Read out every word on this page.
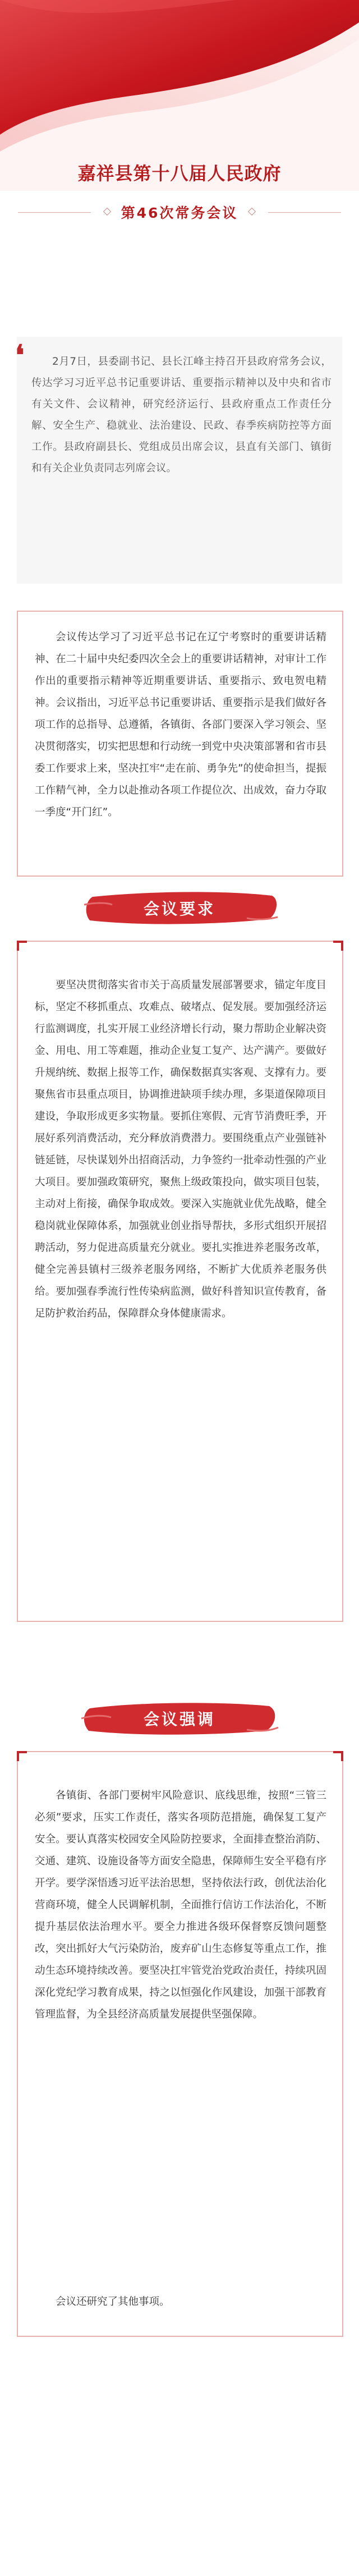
嘉祥县第十八届人民政府
第46次常务会议
2月7日，县委副书记、县长江峰主持召开县政府常务会议，传达学习习近平总书记重要讲话、重要指示精神以及中央和省市有关文件、会议精神，研究经济运行、县政府重点工作责任分解、安全生产、稳就业、法治建设、民政、春季疾病防控等方面工作。县政府副县长、党组成员出席会议，县直有关部门、镇街和有关企业负责同志列席会议。
❛

会议传达学习了习近平总书记在辽宁考察时的重要讲话精神、在二十届中央纪委四次全会上的重要讲话精神，对审计工作作出的重要指示精神等近期重要讲话、重要指示、致电贺电精神。会议指出，习近平总书记重要讲话、重要指示是我们做好各项工作的总指导、总遵循，各镇街、各部门要深入学习领会、坚决贯彻落实，切实把思想和行动统一到党中央决策部署和省市县委工作要求上来，坚决扛牢“走在前、勇争先”的使命担当，提振工作精气神，全力以赴推动各项工作提位次、出成效，奋力夺取一季度“开门红”。

会议要求

要坚决贯彻落实省市关于高质量发展部署要求，锚定年度目标，坚定不移抓重点、攻难点、破堵点、促发展。要加强经济运行监测调度，扎实开展工业经济增长行动，聚力帮助企业解决资金、用电、用工等难题，推动企业复工复产、达产满产。要做好升规纳统、数据上报等工作，确保数据真实客观、支撑有力。要聚焦省市县重点项目，协调推进缺项手续办理，多渠道保障项目建设，争取形成更多实物量。要抓住寒假、元宵节消费旺季，开展好系列消费活动，充分释放消费潜力。要围绕重点产业强链补链延链，尽快谋划外出招商活动，力争签约一批牵动性强的产业大项目。要加强政策研究，聚焦上级政策投向，做实项目包装，主动对上衔接，确保争取成效。要深入实施就业优先战略，健全稳岗就业保障体系，加强就业创业指导帮扶，多形式组织开展招聘活动，努力促进高质量充分就业。要扎实推进养老服务改革，健全完善县镇村三级养老服务网络，不断扩大优质养老服务供给。要加强春季流行性传染病监测，做好科普知识宣传教育，备足防护救治药品，保障群众身体健康需求。

会议强调

各镇街、各部门要树牢风险意识、底线思维，按照“三管三必须”要求，压实工作责任，落实各项防范措施，确保复工复产安全。要认真落实校园安全风险防控要求，全面排查整治消防、交通、建筑、设施设备等方面安全隐患，保障师生安全平稳有序开学。要学深悟透习近平法治思想，坚持依法行政，创优法治化营商环境，健全人民调解机制，全面推行信访工作法治化，不断提升基层依法治理水平。要全力推进各级环保督察反馈问题整改，突出抓好大气污染防治，废弃矿山生态修复等重点工作，推动生态环境持续改善。要坚决扛牢管党治党政治责任，持续巩固深化党纪学习教育成果，持之以恒强化作风建设，加强干部教育管理监督，为全县经济高质量发展提供坚强保障。

会议还研究了其他事项。
